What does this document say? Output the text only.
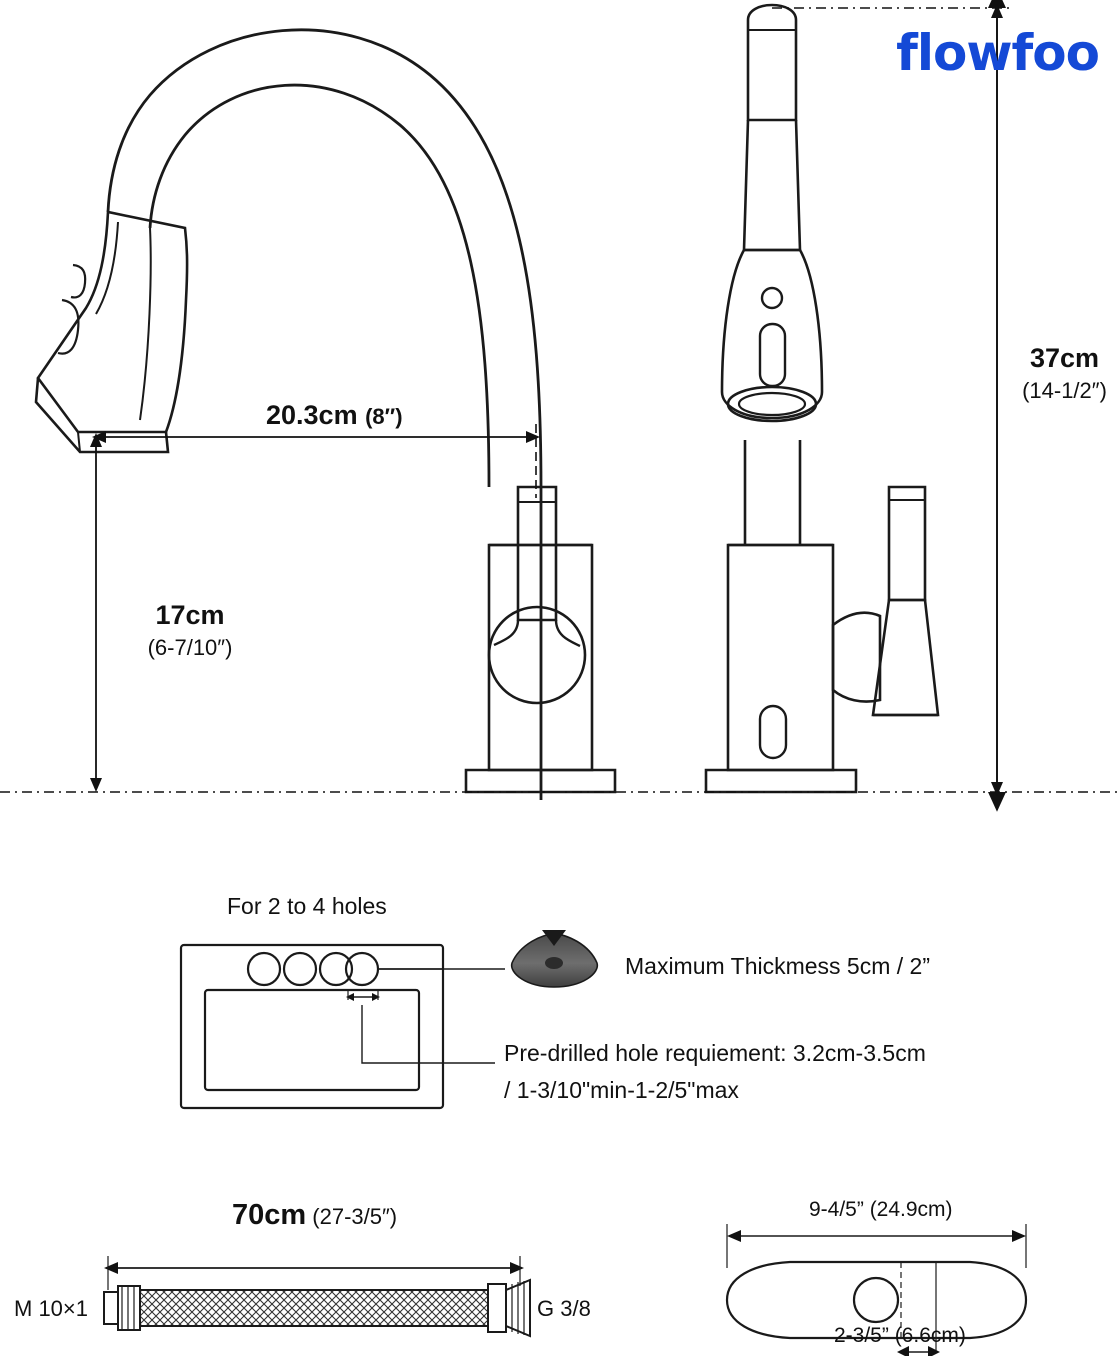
flowfoo
20.3cm (8″)
17cm
(6-7/10″)
37cm
(14-1/2″)
For 2 to 4 holes
Maximum Thickmess 5cm / 2”
Pre-drilled hole requiement: 3.2cm-3.5cm
/ 1-3/10"min-1-2/5"max
70cm (27-3/5″)
M 10×1	G 3/8
9-4/5” (24.9cm)
2-3/5” (6.6cm)
